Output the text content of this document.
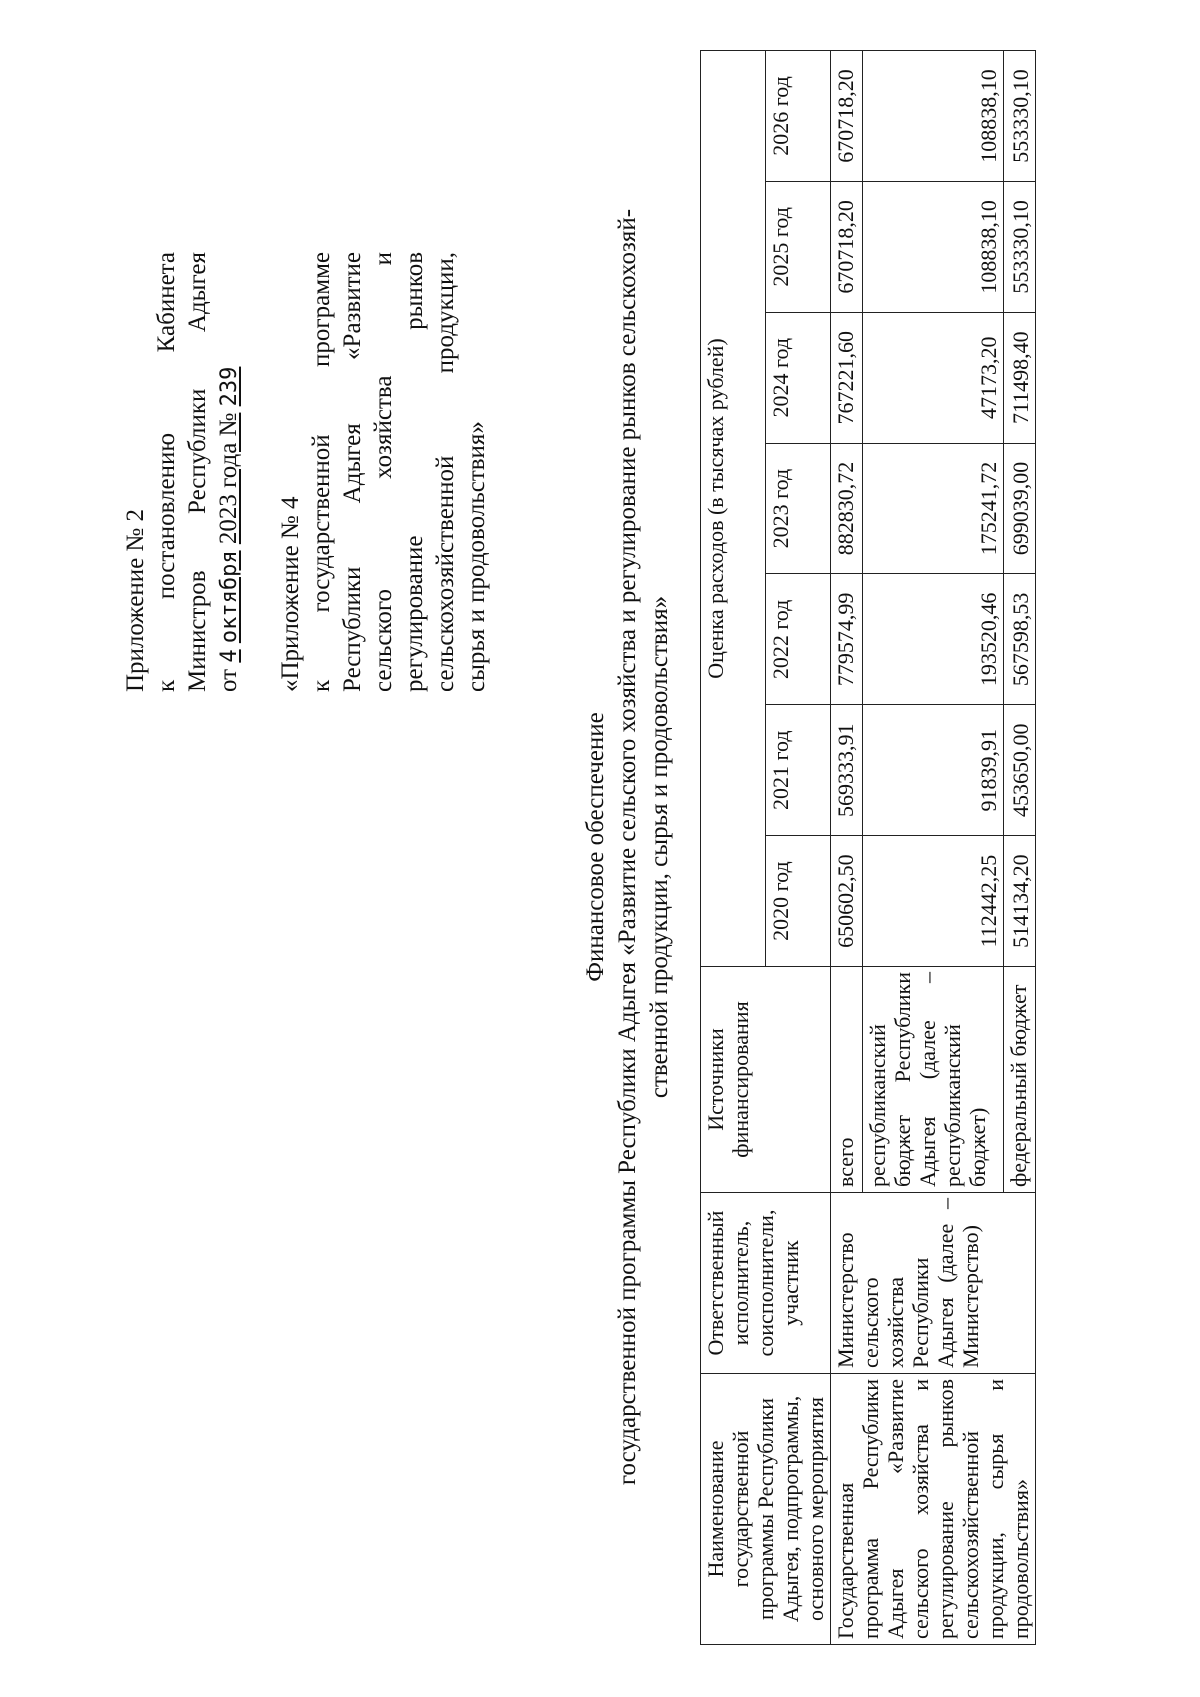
Приложение № 2 к постановлению Кабинета Министров Республики Адыгея от 4 октября 2023 года № 239

«Приложение № 4 к государственной программе Республики Адыгея «Развитие сельского хозяйства и регулирование рынков сельскохозяйственной продукции, сырья и продовольствия»

Финансовое обеспечение государственной программы Республики Адыгея «Развитие сельского хозяйства и регулирование рынков сельскохозяй- ственной продукции, сырья и продовольствия»

Наименование государственной программы Республики Адыгея, подпрограммы, основного мероприятия	Ответственный исполнитель, соисполнители, участник	Источники финансирования	Оценка расходов (в тысячах рублей)						
			2020 год	2021 год	2022 год	2023 год	2024 год	2025 год	2026 год
Государственная программа Республики Адыгея «Развитие сельского хозяйства и регулирование рынков сельскохозяйственной продукции, сырья и продовольствия»	Министерство сельского хозяйства Республики Адыгея (далее – Министерство)	всего	650602,50	569333,91	779574,99	882830,72	767221,60	670718,20	670718,20
		республиканский бюджет Республики Адыгея (далее – республиканский бюджет)	112442,25	91839,91	193520,46	175241,72	47173,20	108838,10	108838,10
		федеральный бюджет	514134,20	453650,00	567598,53	699039,00	711498,40	553330,10	553330,10
